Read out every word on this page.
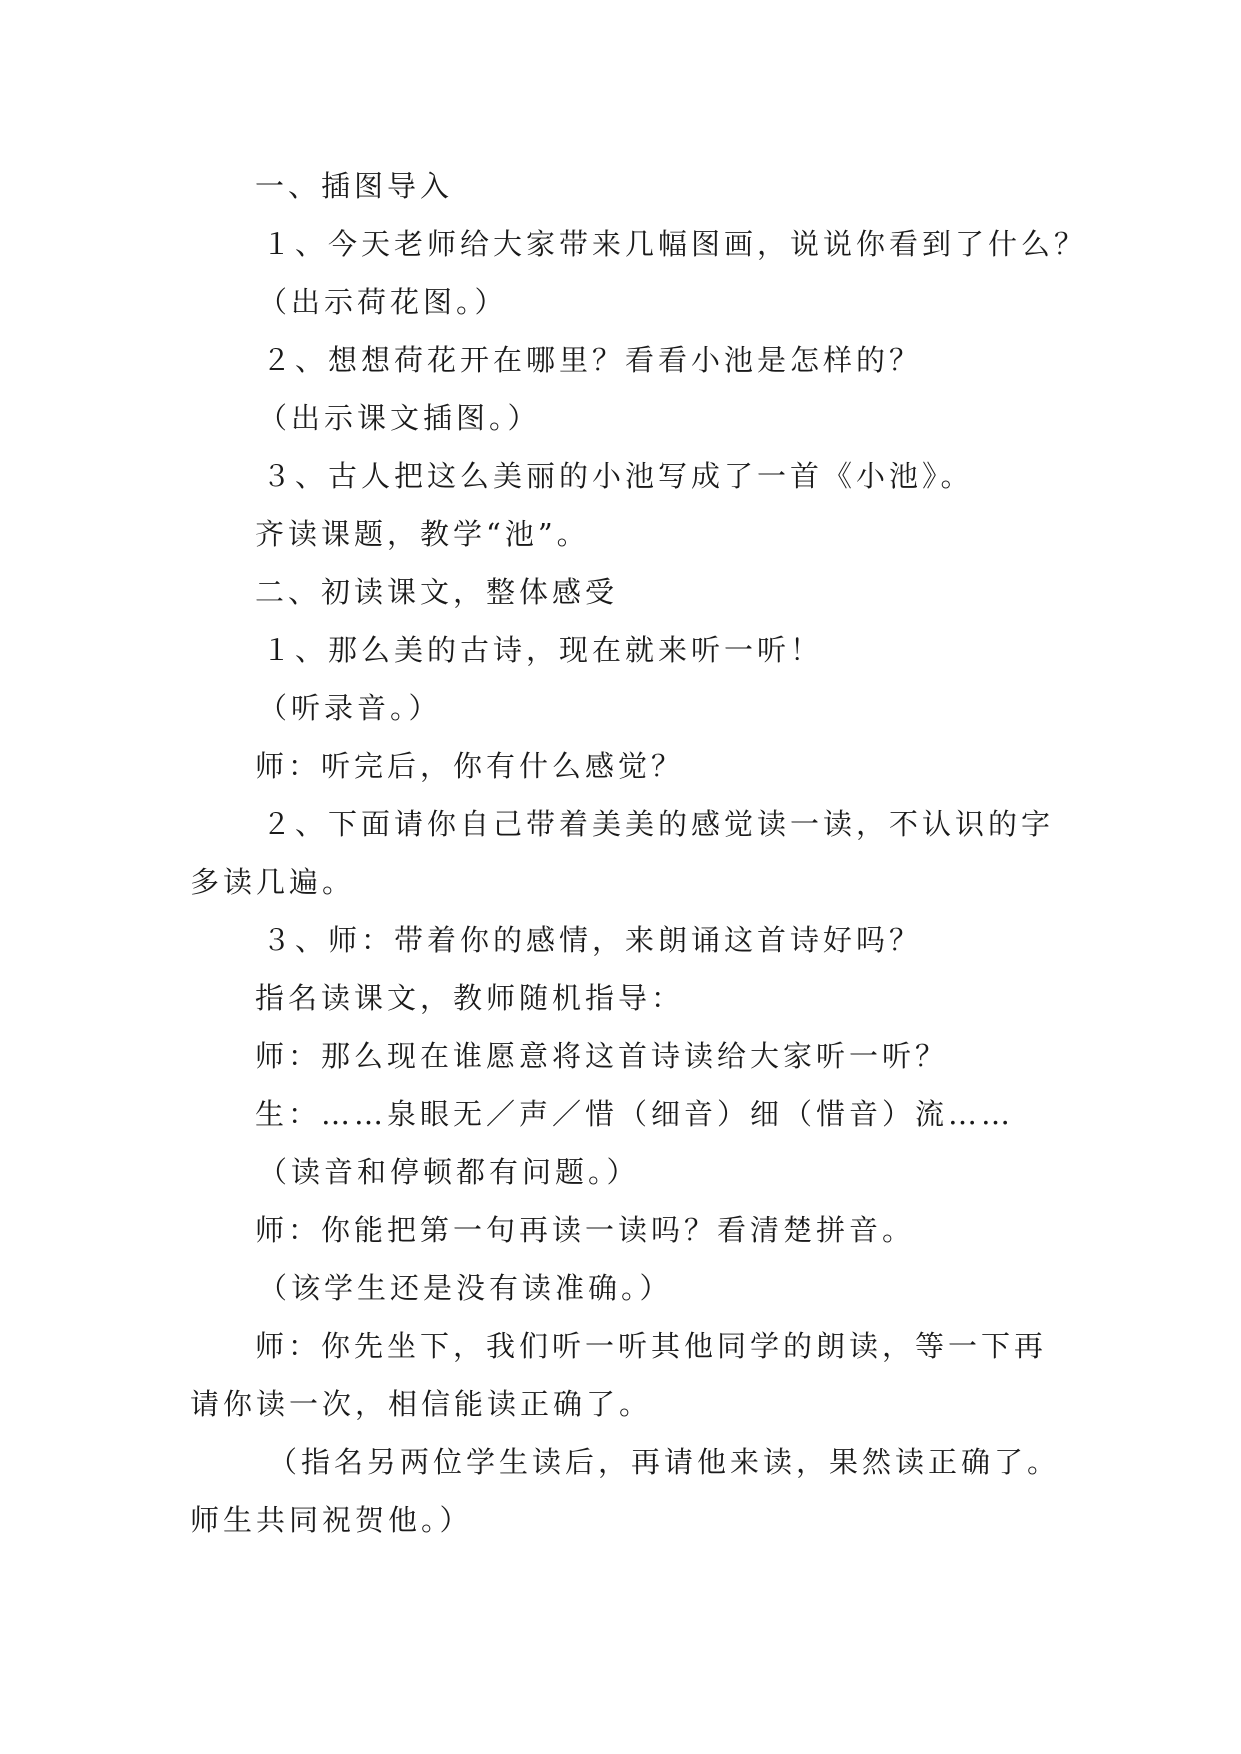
一、插图导入
１、今天老师给大家带来几幅图画，说说你看到了什么？
（出示荷花图。）
２、想想荷花开在哪里？看看小池是怎样的？
（出示课文插图。）
３、古人把这么美丽的小池写成了一首《小池》。
齐读课题，教学“池”。
二、初读课文，整体感受
１、那么美的古诗，现在就来听一听！
（听录音。）
师：听完后，你有什么感觉？
２、下面请你自己带着美美的感觉读一读，不认识的字
多读几遍。
３、师：带着你的感情，来朗诵这首诗好吗？
指名读课文，教师随机指导：
师：那么现在谁愿意将这首诗读给大家听一听？
生：……泉眼无／声／惜（细音）细（惜音）流……
（读音和停顿都有问题。）
师：你能把第一句再读一读吗？看清楚拼音。
（该学生还是没有读准确。）
师：你先坐下，我们听一听其他同学的朗读，等一下再
请你读一次，相信能读正确了。
（指名另两位学生读后，再请他来读，果然读正确了。
师生共同祝贺他。）
